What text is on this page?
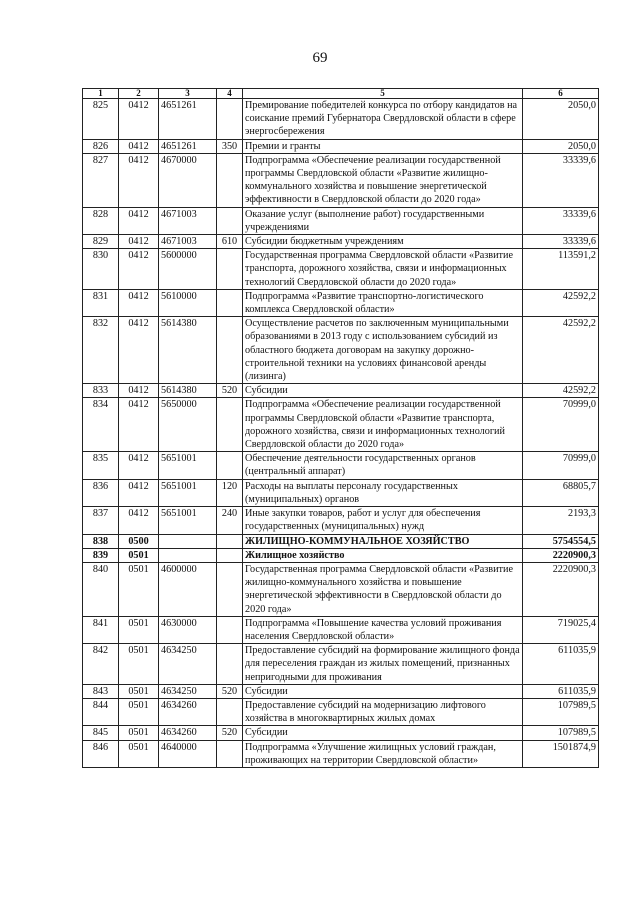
69
1	2	3	4	5	6
825	0412	4651261		Премирование победителей конкурса по отбору кандидатов на соискание премий Губернатора Свердловской области в сфере энергосбережения	2050,0
826	0412	4651261	350	Премии и гранты	2050,0
827	0412	4670000		Подпрограмма «Обеспечение реализации государственной программы Свердловской области «Развитие жилищно-коммунального хозяйства и повышение энергетической эффективности в Свердловской области до 2020 года»	33339,6
828	0412	4671003		Оказание услуг (выполнение работ) государственными учреждениями	33339,6
829	0412	4671003	610	Субсидии бюджетным учреждениям	33339,6
830	0412	5600000		Государственная программа Свердловской области «Развитие транспорта, дорожного хозяйства, связи и информационных технологий Свердловской области до 2020 года»	113591,2
831	0412	5610000		Подпрограмма «Развитие транспортно-логистического комплекса Свердловской области»	42592,2
832	0412	5614380		Осуществление расчетов по заключенным муниципальными образованиями в 2013 году с использованием субсидий из областного бюджета договорам на закупку дорожно-строительной техники на условиях финансовой аренды (лизинга)	42592,2
833	0412	5614380	520	Субсидии	42592,2
834	0412	5650000		Подпрограмма «Обеспечение реализации государственной программы Свердловской области «Развитие транспорта, дорожного хозяйства, связи и информационных технологий Свердловской области до 2020 года»	70999,0
835	0412	5651001		Обеспечение деятельности государственных органов (центральный аппарат)	70999,0
836	0412	5651001	120	Расходы на выплаты персоналу государственных (муниципальных) органов	68805,7
837	0412	5651001	240	Иные закупки товаров, работ и услуг для обеспечения государственных (муниципальных) нужд	2193,3
838	0500			ЖИЛИЩНО-КОММУНАЛЬНОЕ ХОЗЯЙСТВО	5754554,5
839	0501			Жилищное хозяйство	2220900,3
840	0501	4600000		Государственная программа Свердловской области «Развитие жилищно-коммунального хозяйства и повышение энергетической эффективности в Свердловской области до 2020 года»	2220900,3
841	0501	4630000		Подпрограмма «Повышение качества условий проживания населения Свердловской области»	719025,4
842	0501	4634250		Предоставление субсидий на формирование жилищного фонда для переселения граждан из жилых помещений, признанных непригодными для проживания	611035,9
843	0501	4634250	520	Субсидии	611035,9
844	0501	4634260		Предоставление субсидий на модернизацию лифтового хозяйства в многоквартирных жилых домах	107989,5
845	0501	4634260	520	Субсидии	107989,5
846	0501	4640000		Подпрограмма «Улучшение жилищных условий граждан, проживающих на территории Свердловской области»	1501874,9
